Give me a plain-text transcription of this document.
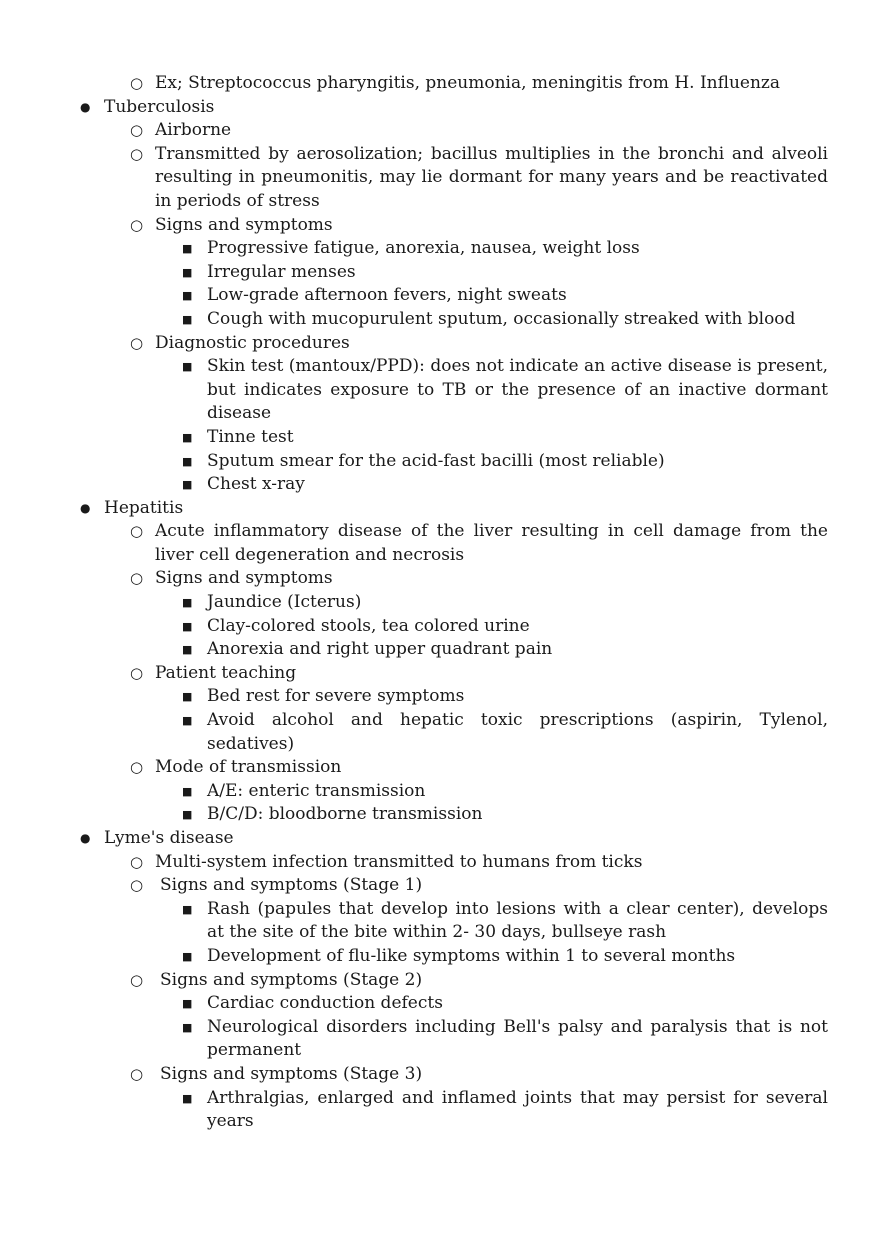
○ Ex; Streptococcus pharyngitis, pneumonia, meningitis from H. Influenza
● Tuberculosis
○ Airborne
○ Transmitted by aerosolization; bacillus multiplies in the bronchi and alveoli resulting in pneumonitis, may lie dormant for many years and be reactivated in periods of stress
○ Signs and symptoms
■ Progressive fatigue, anorexia, nausea, weight loss
■ Irregular menses
■ Low-grade afternoon fevers, night sweats
■ Cough with mucopurulent sputum, occasionally streaked with blood
○ Diagnostic procedures
■ Skin test (mantoux/PPD): does not indicate an active disease is present, but indicates exposure to TB or the presence of an inactive dormant disease
■ Tinne test
■ Sputum smear for the acid-fast bacilli (most reliable)
■ Chest x-ray
● Hepatitis
○ Acute inflammatory disease of the liver resulting in cell damage from the liver cell degeneration and necrosis
○ Signs and symptoms
■ Jaundice (Icterus)
■ Clay-colored stools, tea colored urine
■ Anorexia and right upper quadrant pain
○ Patient teaching
■ Bed rest for severe symptoms
■ Avoid alcohol and hepatic toxic prescriptions (aspirin, Tylenol, sedatives)
○ Mode of transmission
■ A/E: enteric transmission
■ B/C/D: bloodborne transmission
● Lyme's disease
○ Multi-system infection transmitted to humans from ticks
○ Signs and symptoms (Stage 1)
■ Rash (papules that develop into lesions with a clear center), develops at the site of the bite within 2- 30 days, bullseye rash
■ Development of flu-like symptoms within 1 to several months
○ Signs and symptoms (Stage 2)
■ Cardiac conduction defects
■ Neurological disorders including Bell's palsy and paralysis that is not permanent
○ Signs and symptoms (Stage 3)
■ Arthralgias, enlarged and inflamed joints that may persist for several years
